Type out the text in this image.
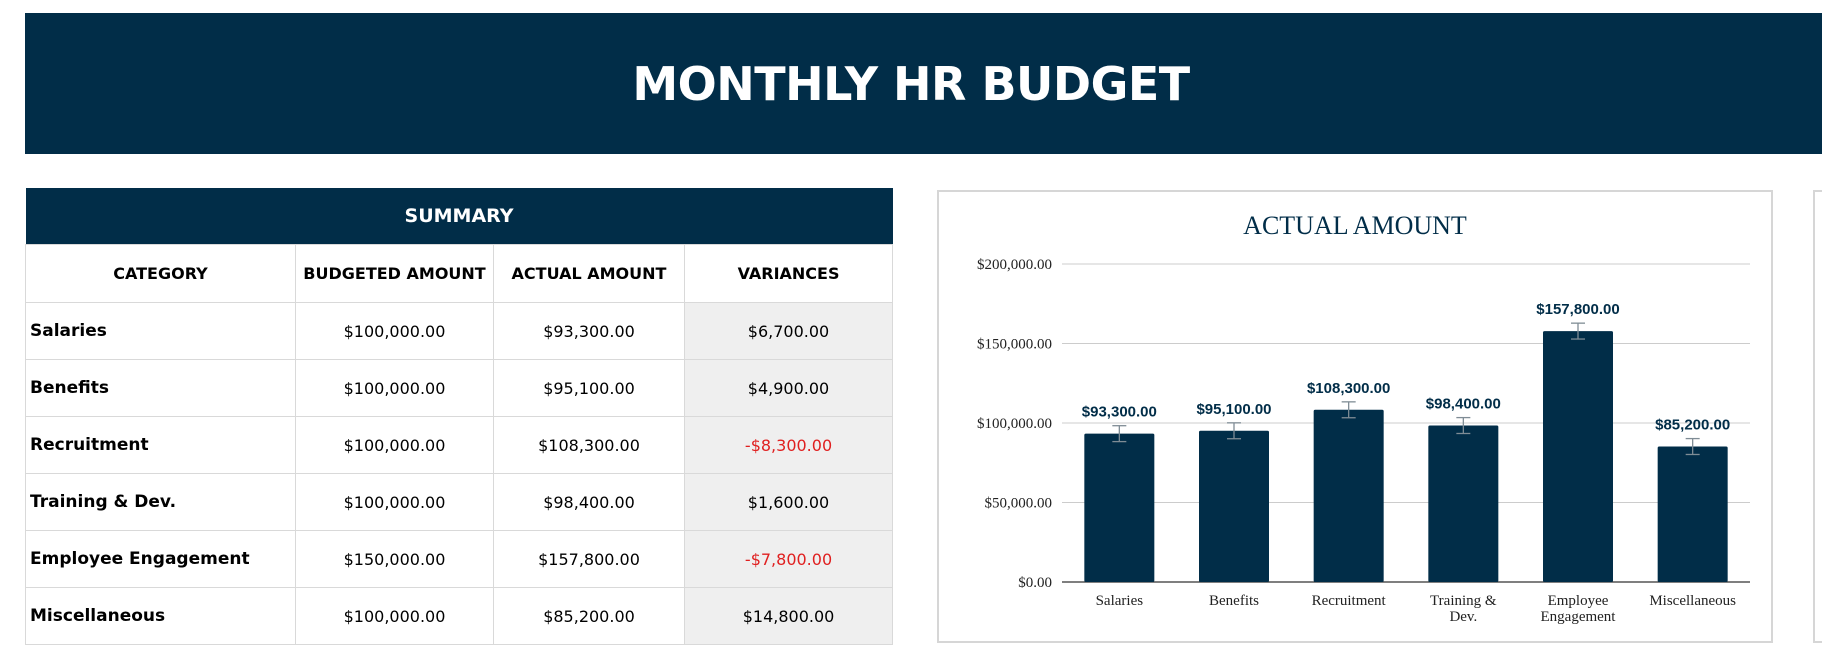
MONTHLY HR BUDGET
SUMMARY			
CATEGORY	BUDGETED AMOUNT	ACTUAL AMOUNT	VARIANCES
Salaries	$100,000.00	$93,300.00	$6,700.00
Benefits	$100,000.00	$95,100.00	$4,900.00
Recruitment	$100,000.00	$108,300.00	-$8,300.00
Training & Dev.	$100,000.00	$98,400.00	$1,600.00
Employee Engagement	$150,000.00	$157,800.00	-$7,800.00
Miscellaneous	$100,000.00	$85,200.00	$14,800.00
ACTUAL AMOUNT
$0.00
$50,000.00
$100,000.00
$150,000.00
$200,000.00
$93,300.00
Salaries
$95,100.00
Benefits
$108,300.00
Recruitment
$98,400.00
Training &
Dev.
$157,800.00
Employee
Engagement
$85,200.00
Miscellaneous
